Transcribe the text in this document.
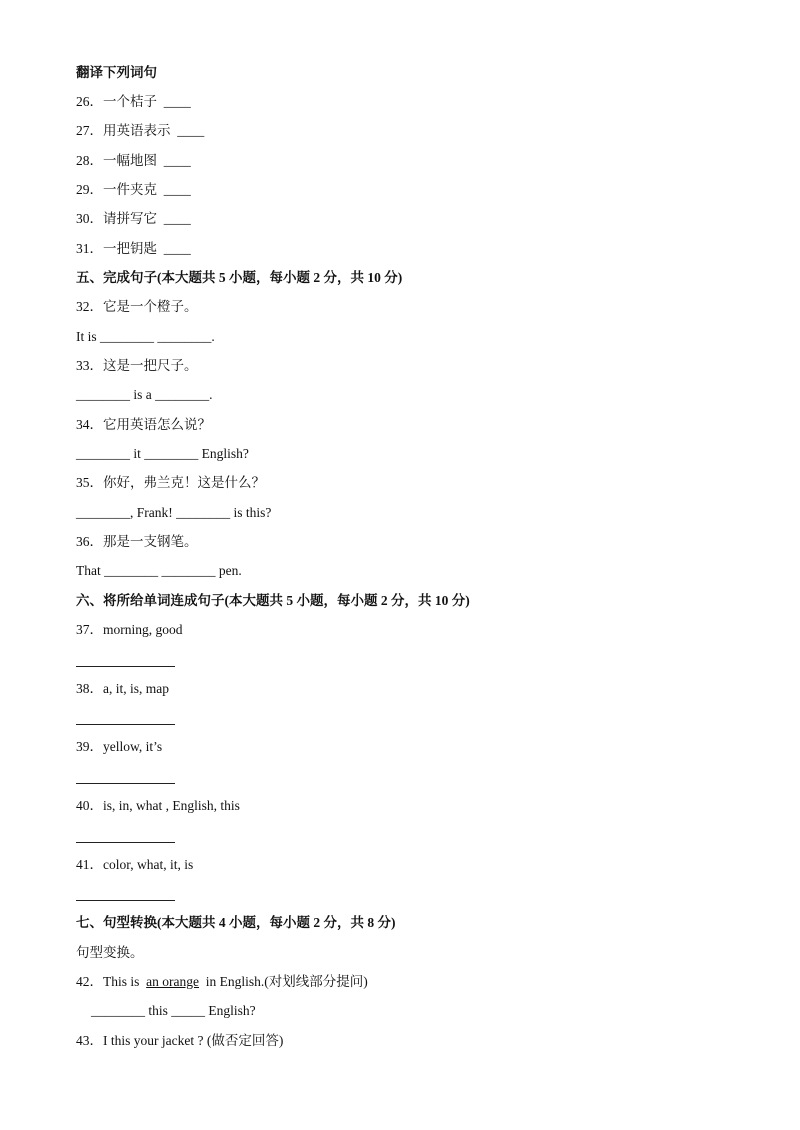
翻译下列词句
26．一个桔子  ____
27．用英语表示  ____
28．一幅地图  ____
29．一件夹克  ____
30．请拼写它  ____
31．一把钥匙  ____
五、完成句子(本大题共 5 小题，每小题 2 分，共 10 分)
32．它是一个橙子。
It is ________ ________.
33．这是一把尺子。
________ is a ________.
34．它用英语怎么说？
________ it ________ English?
35．你好，弗兰克！这是什么？
________, Frank! ________ is this?
36．那是一支钢笔。
That ________ ________ pen.
六、将所给单词连成句子(本大题共 5 小题，每小题 2 分，共 10 分)
37．morning, good
38．a, it, is, map
39．yellow, it’s
40．is, in, what , English, this
41．color, what, it, is
七、句型转换(本大题共 4 小题，每小题 2 分，共 8 分)
句型变换。
42．This is  an orange  in English.(对划线部分提问)
________ this _____ English?
43．I this your jacket ? (做否定回答)
